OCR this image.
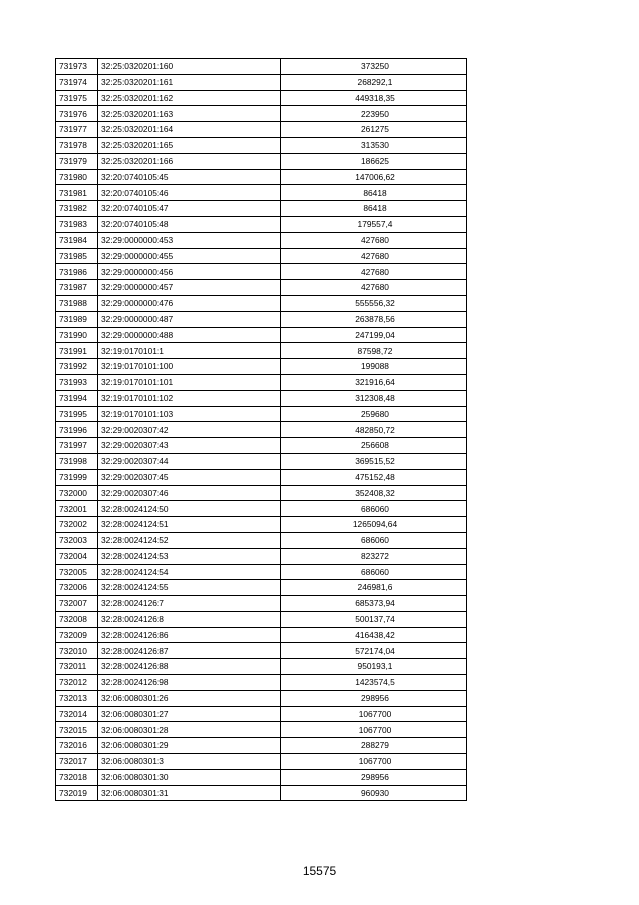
731973	32:25:0320201:160	373250
731974	32:25:0320201:161	268292,1
731975	32:25:0320201:162	449318,35
731976	32:25:0320201:163	223950
731977	32:25:0320201:164	261275
731978	32:25:0320201:165	313530
731979	32:25:0320201:166	186625
731980	32:20:0740105:45	147006,62
731981	32:20:0740105:46	86418
731982	32:20:0740105:47	86418
731983	32:20:0740105:48	179557,4
731984	32:29:0000000:453	427680
731985	32:29:0000000:455	427680
731986	32:29:0000000:456	427680
731987	32:29:0000000:457	427680
731988	32:29:0000000:476	555556,32
731989	32:29:0000000:487	263878,56
731990	32:29:0000000:488	247199,04
731991	32:19:0170101:1	87598,72
731992	32:19:0170101:100	199088
731993	32:19:0170101:101	321916,64
731994	32:19:0170101:102	312308,48
731995	32:19:0170101:103	259680
731996	32:29:0020307:42	482850,72
731997	32:29:0020307:43	256608
731998	32:29:0020307:44	369515,52
731999	32:29:0020307:45	475152,48
732000	32:29:0020307:46	352408,32
732001	32:28:0024124:50	686060
732002	32:28:0024124:51	1265094,64
732003	32:28:0024124:52	686060
732004	32:28:0024124:53	823272
732005	32:28:0024124:54	686060
732006	32:28:0024124:55	246981,6
732007	32:28:0024126:7	685373,94
732008	32:28:0024126:8	500137,74
732009	32:28:0024126:86	416438,42
732010	32:28:0024126:87	572174,04
732011	32:28:0024126:88	950193,1
732012	32:28:0024126:98	1423574,5
732013	32:06:0080301:26	298956
732014	32:06:0080301:27	1067700
732015	32:06:0080301:28	1067700
732016	32:06:0080301:29	288279
732017	32:06:0080301:3	1067700
732018	32:06:0080301:30	298956
732019	32:06:0080301:31	960930
15575
